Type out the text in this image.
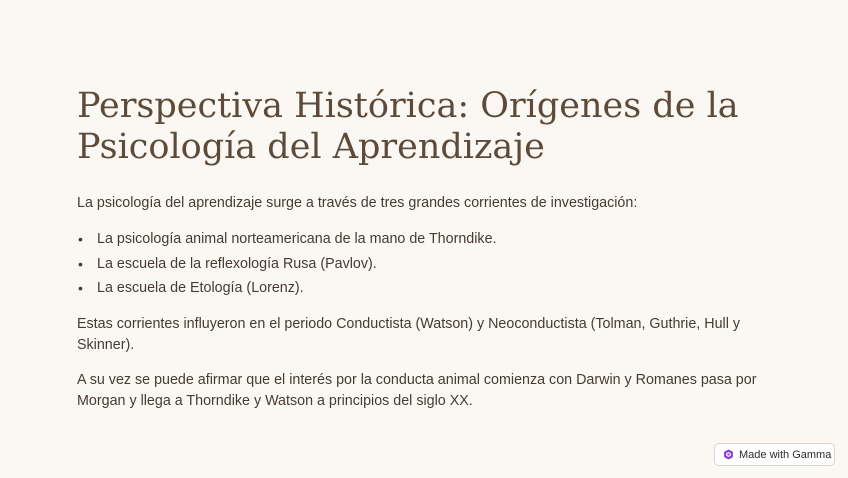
Perspectiva Histórica: Orígenes de la Psicología del Aprendizaje

La psicología del aprendizaje surge a través de tres grandes corrientes de investigación:

• La psicología animal norteamericana de la mano de Thorndike.
• La escuela de la reflexología Rusa (Pavlov).
• La escuela de Etología (Lorenz).

Estas corrientes influyeron en el periodo Conductista (Watson) y Neoconductista (Tolman, Guthrie, Hull y Skinner).

A su vez se puede afirmar que el interés por la conducta animal comienza con Darwin y Romanes pasa por Morgan y llega a Thorndike y Watson a principios del siglo XX.

Made with Gamma
